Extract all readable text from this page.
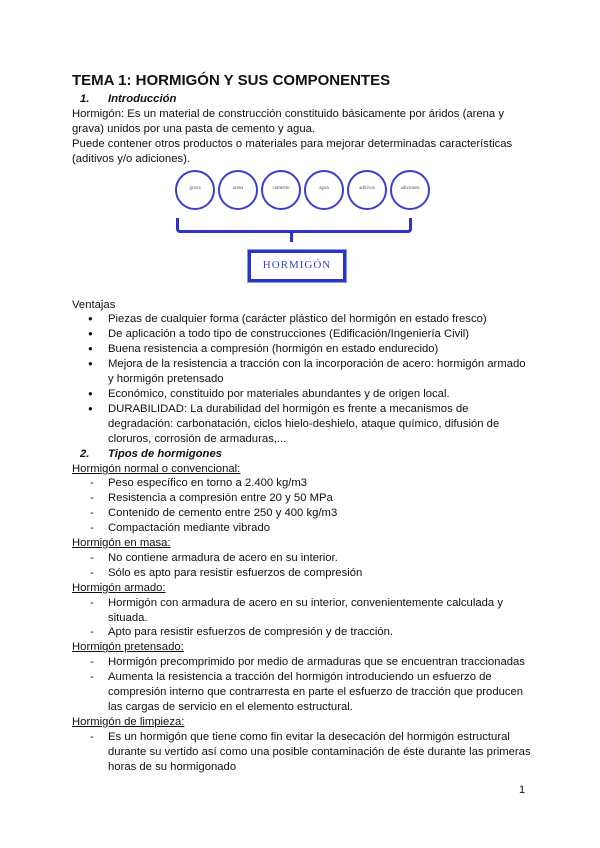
TEMA 1: HORMIGÓN Y SUS COMPONENTES

1. Introducción

Hormigón: Es un material de construcción constituido básicamente por áridos (arena y grava) unidos por una pasta de cemento y agua.

Puede contener otros productos o materiales para mejorar determinadas características (aditivos y/o adiciones).

grava	arena	cemento	agua	aditivos	adiciones
HORMIGÓN

Ventajas

● Piezas de cualquier forma (carácter plástico del hormigón en estado fresco)
● De aplicación a todo tipo de construcciones (Edificación/Ingeniería Civil)
● Buena resistencia a compresión (hormigón en estado endurecido)
● Mejora de la resistencia a tracción con la incorporación de acero: hormigón armado y hormigón pretensado
● Económico, constituido por materiales abundantes y de origen local.
● DURABILIDAD: La durabilidad del hormigón es frente a mecanismos de degradación: carbonatación, ciclos hielo-deshielo, ataque químico, difusión de cloruros, corrosión de armaduras,...

2. Tipos de hormigones

Hormigón normal o convencional:

- Peso específico en torno a 2.400 kg/m3
- Resistencia a compresión entre 20 y 50 MPa
- Contenido de cemento entre 250 y 400 kg/m3
- Compactación mediante vibrado

Hormigón en masa:

- No contiene armadura de acero en su interior.
- Sólo es apto para resistir esfuerzos de compresión

Hormigón armado:

- Hormigón con armadura de acero en su interior, convenientemente calculada y situada.
- Apto para resistir esfuerzos de compresión y de tracción.

Hormigón pretensado:

- Hormigón precomprimido por medio de armaduras que se encuentran traccionadas
- Aumenta la resistencia a tracción del hormigón introduciendo un esfuerzo de compresión interno que contrarresta en parte el esfuerzo de tracción que producen las cargas de servicio en el elemento estructural.

Hormigón de limpieza:

- Es un hormigón que tiene como fin evitar la desecación del hormigón estructural durante su vertido así como una posible contaminación de éste durante las primeras horas de su hormigonado
1
